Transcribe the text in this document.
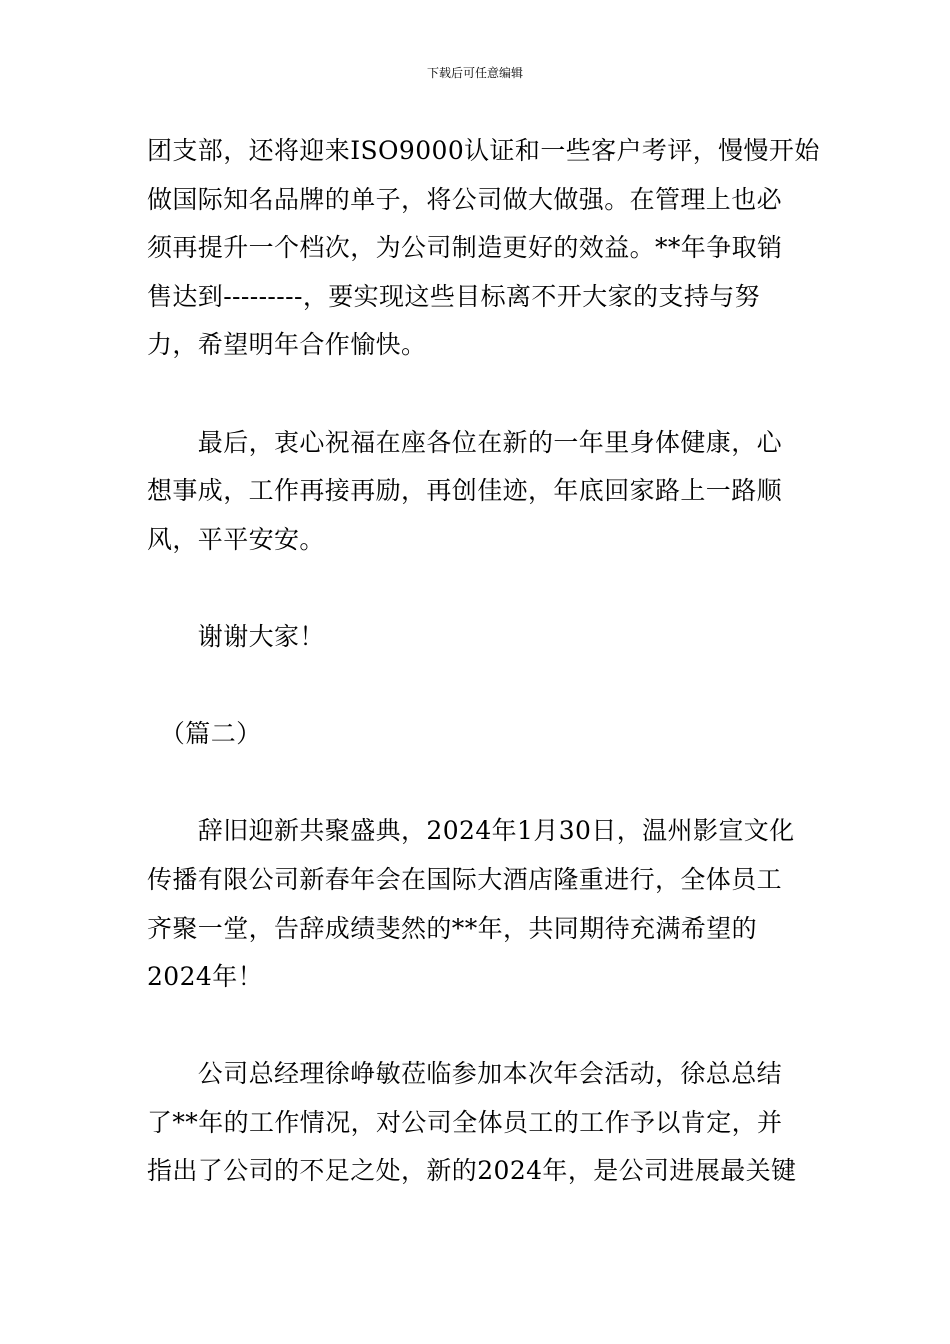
下载后可任意编辑
团支部，还将迎来ISO9000认证和一些客户考评，慢慢开始
做国际知名品牌的单子，将公司做大做强。在管理上也必
须再提升一个档次，为公司制造更好的效益。**年争取销
售达到---------，要实现这些目标离不开大家的支持与努
力，希望明年合作愉快。
　　最后，衷心祝福在座各位在新的一年里身体健康，心
想事成，工作再接再励，再创佳迹，年底回家路上一路顺
风，平平安安。
　　谢谢大家！
　（篇二）
　　辞旧迎新共聚盛典，2024年1月30日，温州影宣文化
传播有限公司新春年会在国际大酒店隆重进行，全体员工
齐聚一堂，告辞成绩斐然的**年，共同期待充满希望的
2024年！
　　公司总经理徐峥敏莅临参加本次年会活动，徐总总结
了**年的工作情况，对公司全体员工的工作予以肯定，并
指出了公司的不足之处，新的2024年，是公司进展最关键
